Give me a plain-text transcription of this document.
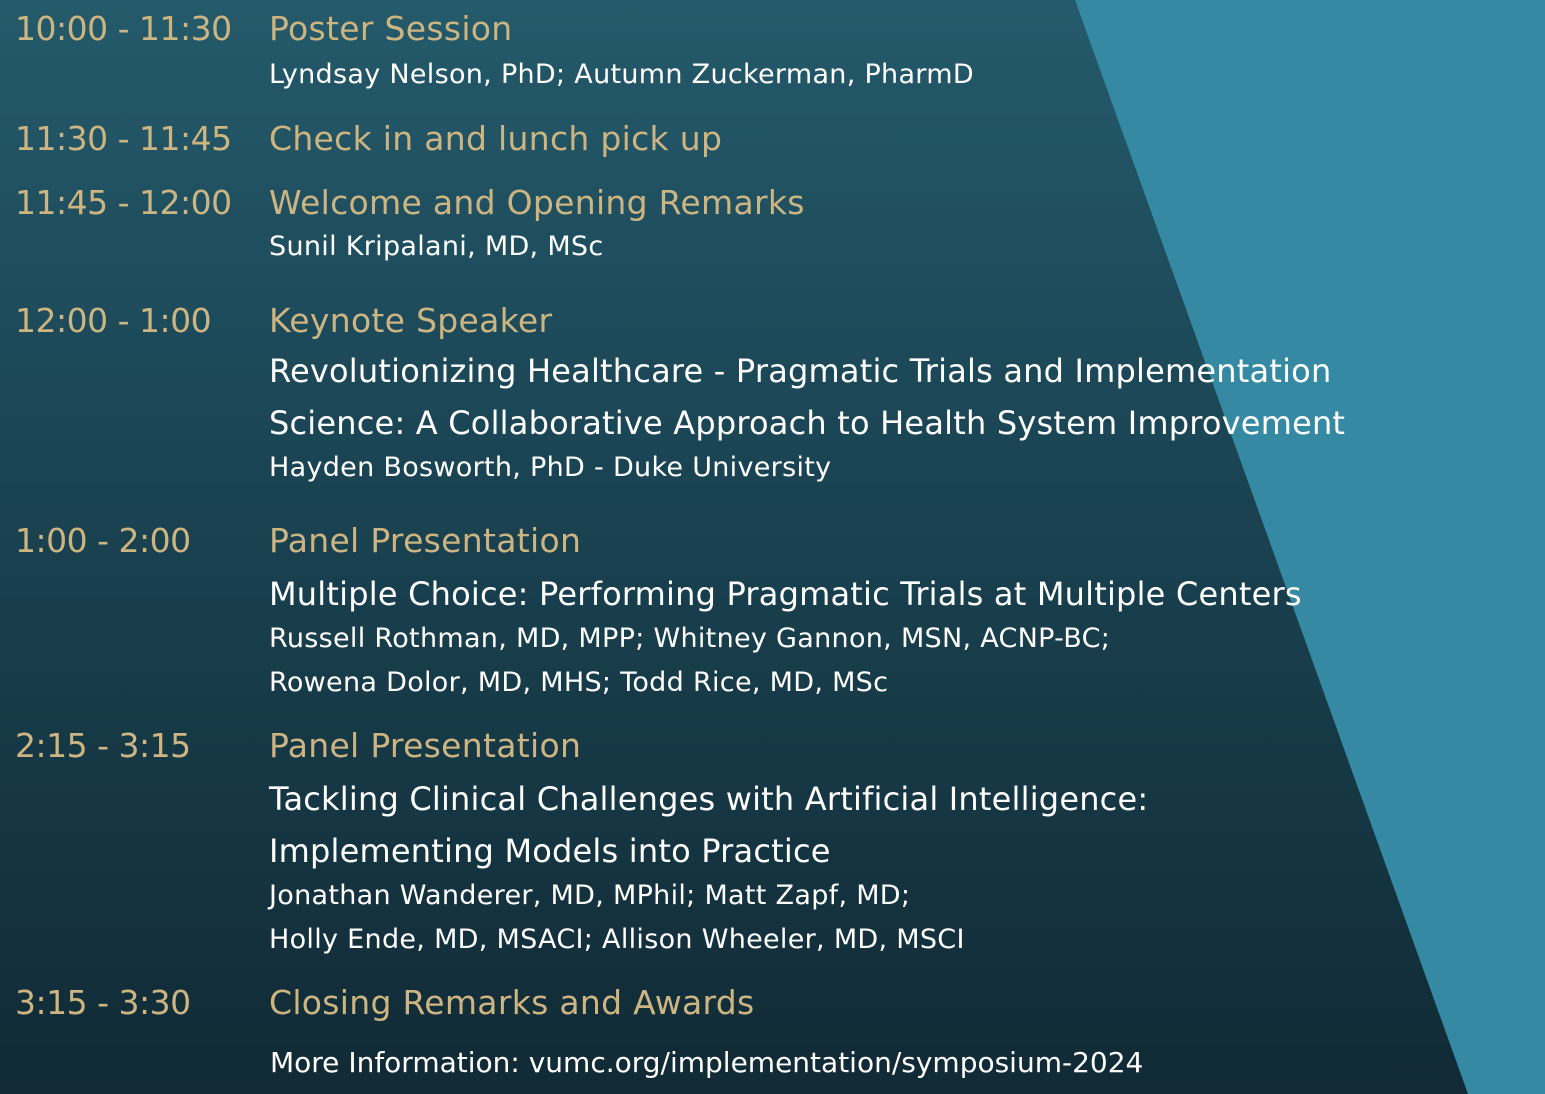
10:00 - 11:30 Poster Session
Lyndsay Nelson, PhD; Autumn Zuckerman, PharmD
11:30 - 11:45 Check in and lunch pick up
11:45 - 12:00 Welcome and Opening Remarks
Sunil Kripalani, MD, MSc
12:00 - 1:00 Keynote Speaker
Revolutionizing Healthcare - Pragmatic Trials and Implementation
Science: A Collaborative Approach to Health System Improvement
Hayden Bosworth, PhD - Duke University
1:00 - 2:00 Panel Presentation
Multiple Choice: Performing Pragmatic Trials at Multiple Centers
Russell Rothman, MD, MPP; Whitney Gannon, MSN, ACNP-BC;
Rowena Dolor, MD, MHS; Todd Rice, MD, MSc
2:15 - 3:15 Panel Presentation
Tackling Clinical Challenges with Artificial Intelligence:
Implementing Models into Practice
Jonathan Wanderer, MD, MPhil; Matt Zapf, MD;
Holly Ende, MD, MSACI; Allison Wheeler, MD, MSCI
3:15 - 3:30 Closing Remarks and Awards
More Information: vumc.org/implementation/symposium-2024
